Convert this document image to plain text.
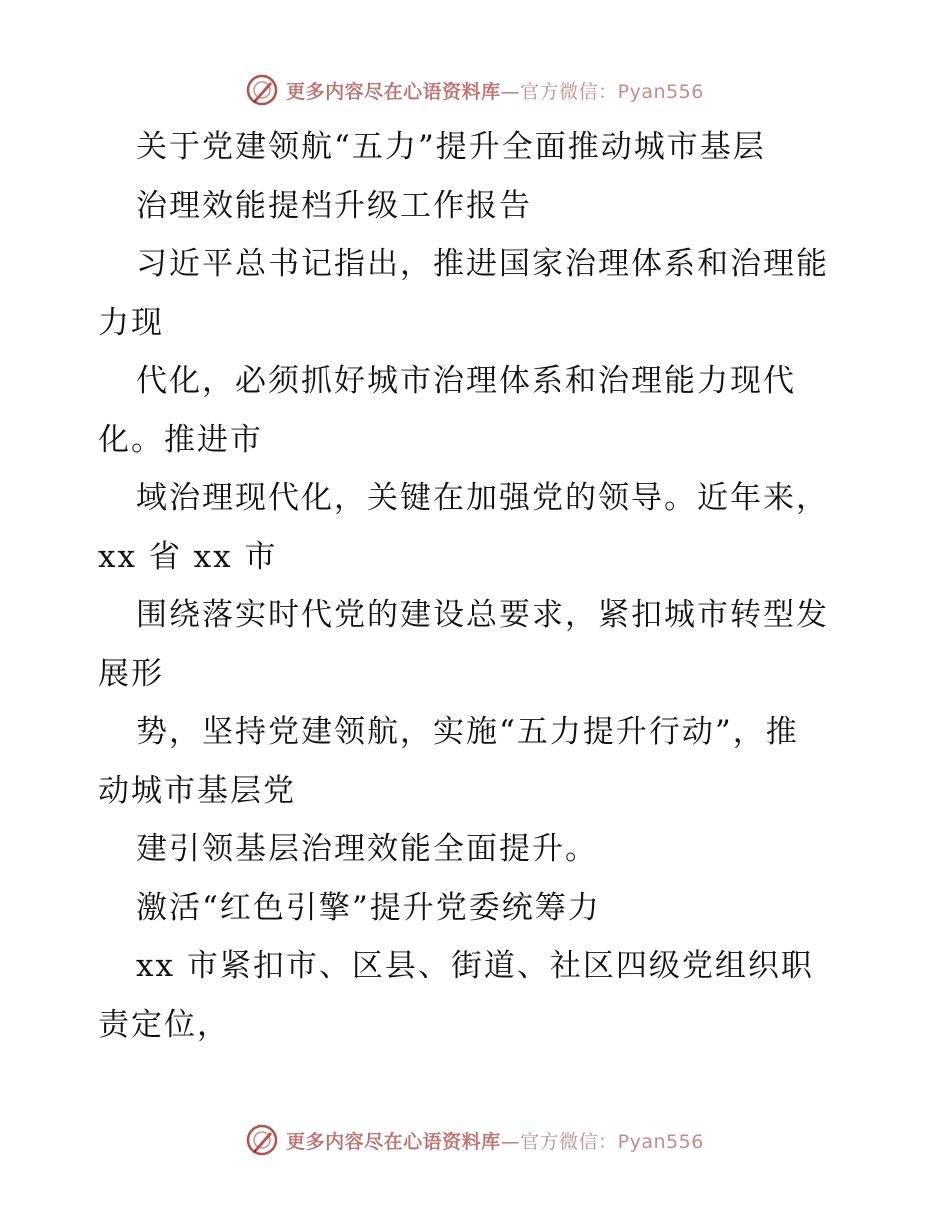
更多内容尽在心语资料库—官方微信：Pyan556
关于党建领航“五力”提升全面推动城市基层
治理效能提档升级工作报告
习近平总书记指出，推进国家治理体系和治理能
力现
代化，必须抓好城市治理体系和治理能力现代
化。推进市
域治理现代化，关键在加强党的领导。近年来，
xx 省 xx 市
围绕落实时代党的建设总要求，紧扣城市转型发
展形
势，坚持党建领航，实施“五力提升行动”，推
动城市基层党
建引领基层治理效能全面提升。
激活“红色引擎”提升党委统筹力
xx 市紧扣市、区县、街道、社区四级党组织职
责定位，
更多内容尽在心语资料库—官方微信：Pyan556
